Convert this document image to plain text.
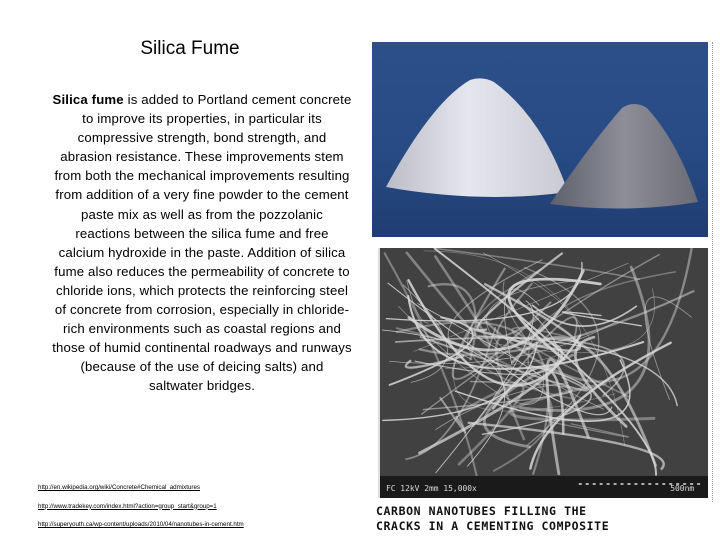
Silica Fume
Silica fume is added to Portland cement concrete to improve its properties, in particular its compressive strength, bond strength, and abrasion resistance. These improvements stem from both the mechanical improvements resulting from addition of a very fine powder to the cement paste mix as well as from the pozzolanic reactions between the silica fume and free calcium hydroxide in the paste. Addition of silica fume also reduces the permeability of concrete to chloride ions, which protects the reinforcing steel of concrete from corrosion, especially in chloride-rich environments such as coastal regions and those of humid continental roadways and runways (because of the use of deicing salts) and saltwater bridges.
http://en.wikipedia.org/wiki/Concrete#Chemical_admixtures
http://www.tradekey.com/index.html?action=group_start&group=1
http://superyouth.ca/wp-content/uploads/2010/04/nanotubes-in-cement.htm
FC 12kV 2mm 15,000x	500nm
CARBON NANOTUBES FILLING THE
CRACKS IN A CEMENTING COMPOSITE
